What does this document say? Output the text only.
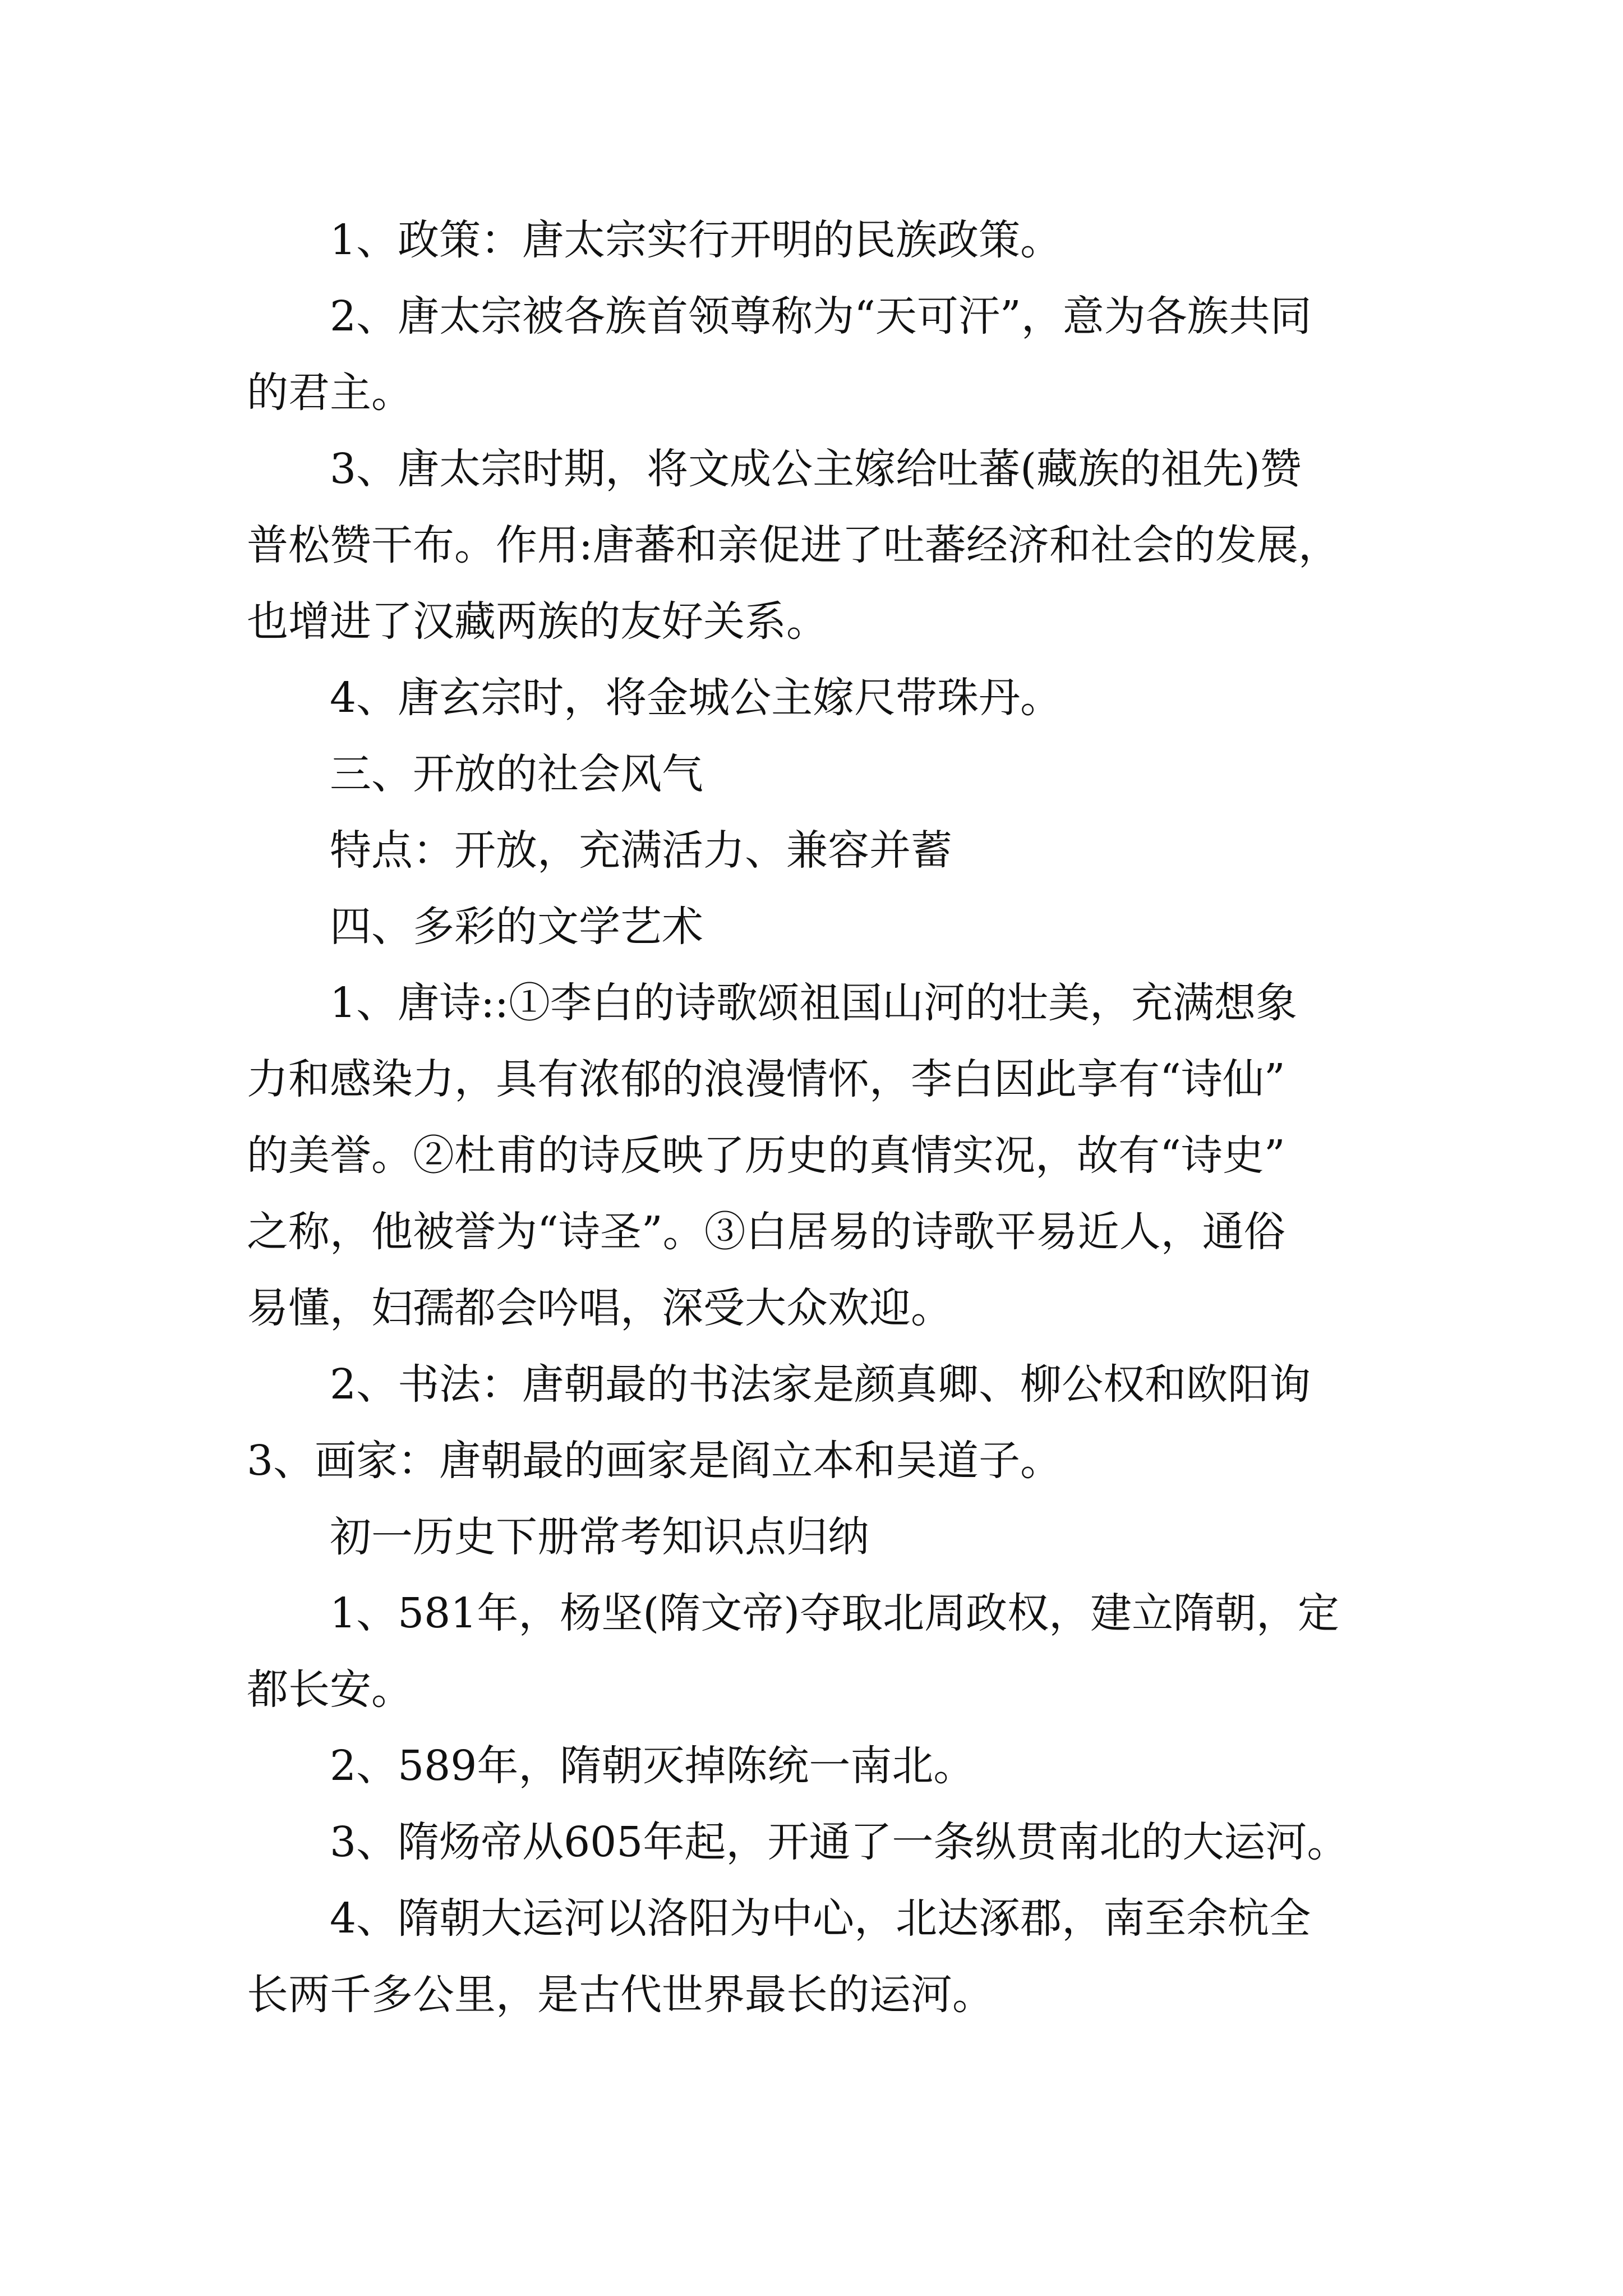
1、政策：唐太宗实行开明的民族政策。
2、唐太宗被各族首领尊称为“天可汗”，意为各族共同
的君主。
3、唐太宗时期，将文成公主嫁给吐蕃(藏族的祖先)赞
普松赞干布。作用:唐蕃和亲促进了吐蕃经济和社会的发展，
也增进了汉藏两族的友好关系。
4、唐玄宗时，将金城公主嫁尺带珠丹。
三、开放的社会风气
特点：开放，充满活力、兼容并蓄
四、多彩的文学艺术
1、唐诗::①李白的诗歌颂祖国山河的壮美，充满想象
力和感染力，具有浓郁的浪漫情怀，李白因此享有“诗仙”
的美誉。②杜甫的诗反映了历史的真情实况，故有“诗史”
之称，他被誉为“诗圣”。③白居易的诗歌平易近人，通俗
易懂，妇孺都会吟唱，深受大众欢迎。
2、书法：唐朝最的书法家是颜真卿、柳公权和欧阳询
3、画家：唐朝最的画家是阎立本和吴道子。
初一历史下册常考知识点归纳
1、581年，杨坚(隋文帝)夺取北周政权，建立隋朝，定
都长安。
2、589年，隋朝灭掉陈统一南北。
3、隋炀帝从605年起，开通了一条纵贯南北的大运河。
4、隋朝大运河以洛阳为中心，北达涿郡，南至余杭全
长两千多公里，是古代世界最长的运河。
